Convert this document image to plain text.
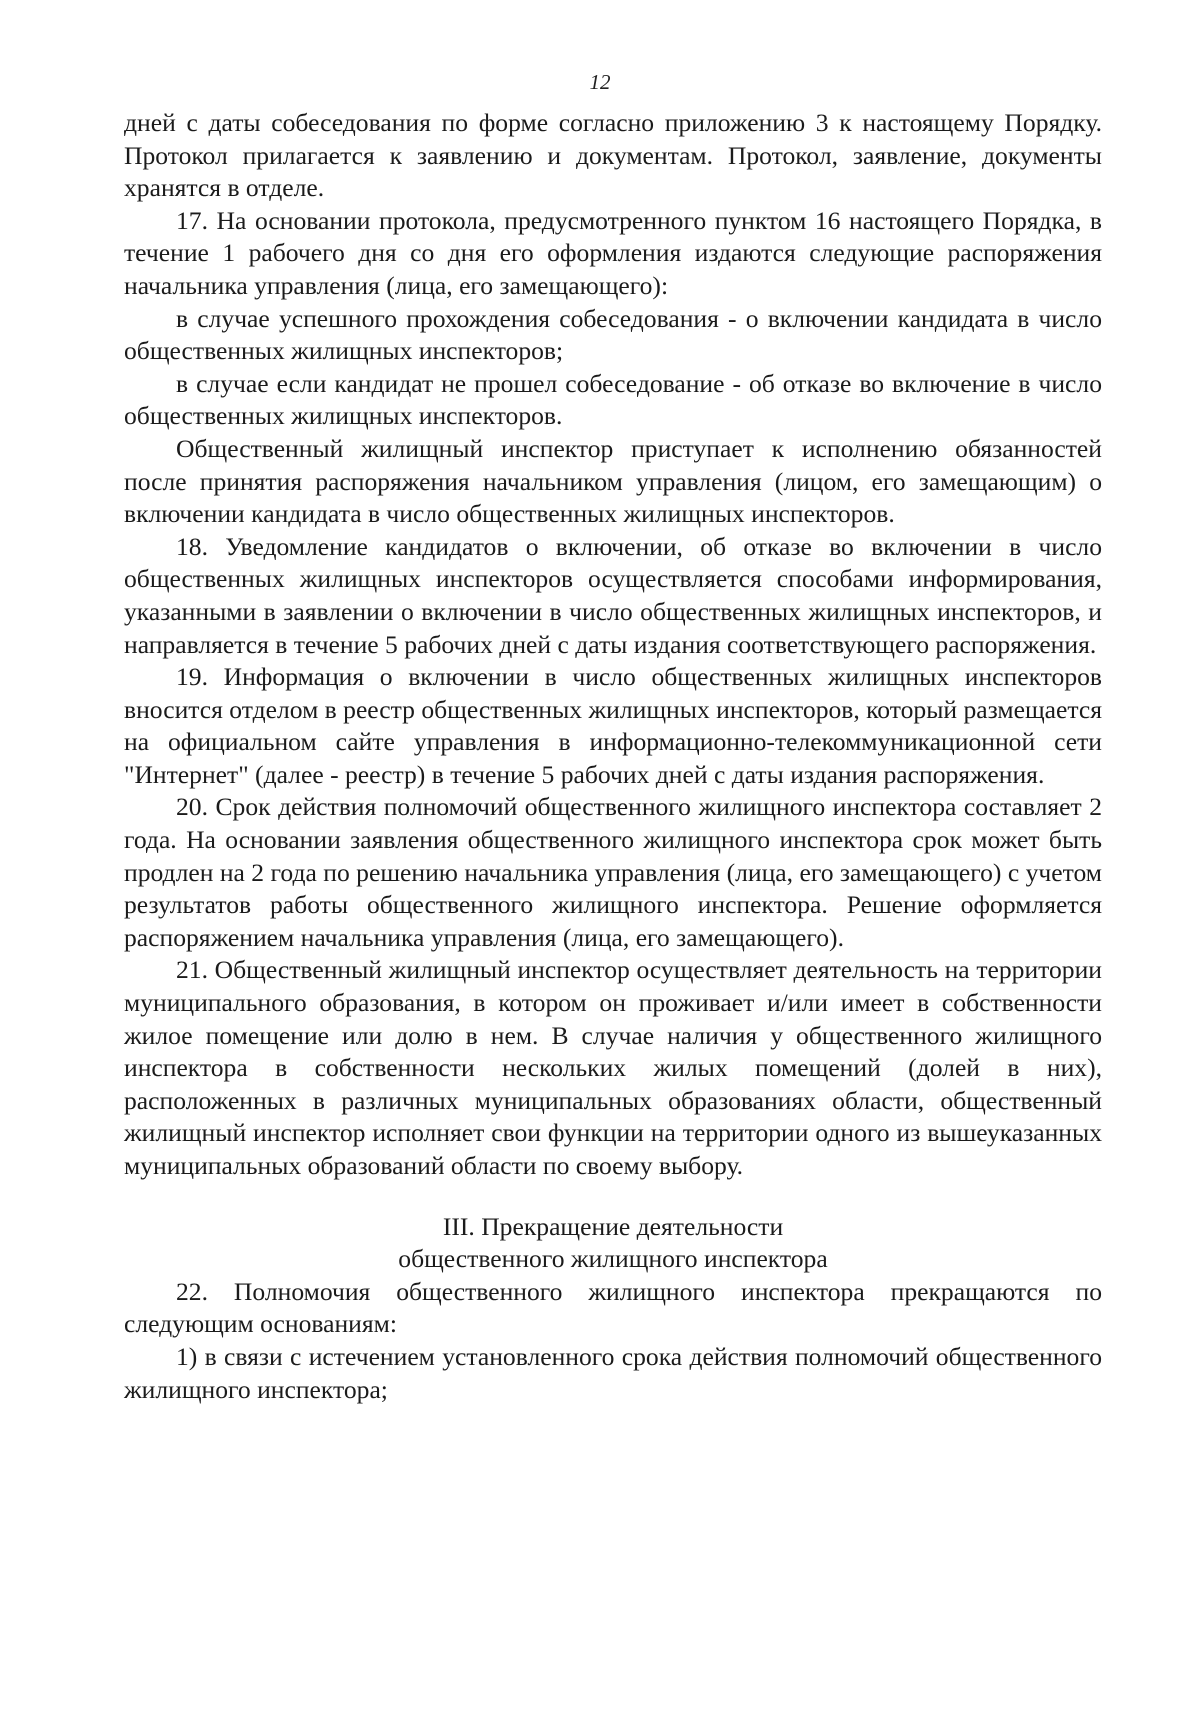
12

дней с даты собеседования по форме согласно приложению 3 к настоящему Порядку. Протокол прилагается к заявлению и документам. Протокол, заявление, документы хранятся в отделе.

17. На основании протокола, предусмотренного пунктом 16 настоящего Порядка, в течение 1 рабочего дня со дня его оформления издаются следующие распоряжения начальника управления (лица, его замещающего):

в случае успешного прохождения собеседования - о включении кандидата в число общественных жилищных инспекторов;

в случае если кандидат не прошел собеседование - об отказе во включение в число общественных жилищных инспекторов.

Общественный жилищный инспектор приступает к исполнению обязанностей после принятия распоряжения начальником управления (лицом, его замещающим) о включении кандидата в число общественных жилищных инспекторов.

18. Уведомление кандидатов о включении, об отказе во включении в число общественных жилищных инспекторов осуществляется способами информирования, указанными в заявлении о включении в число общественных жилищных инспекторов, и направляется в течение 5 рабочих дней с даты издания соответствующего распоряжения.

19. Информация о включении в число общественных жилищных инспекторов вносится отделом в реестр общественных жилищных инспекторов, который размещается на официальном сайте управления в информационно-телекоммуникационной сети "Интернет" (далее - реестр) в течение 5 рабочих дней с даты издания распоряжения.

20. Срок действия полномочий общественного жилищного инспектора составляет 2 года. На основании заявления общественного жилищного инспектора срок может быть продлен на 2 года по решению начальника управления (лица, его замещающего) с учетом результатов работы общественного жилищного инспектора. Решение оформляется распоряжением начальника управления (лица, его замещающего).

21. Общественный жилищный инспектор осуществляет деятельность на территории муниципального образования, в котором он проживает и/или имеет в собственности жилое помещение или долю в нем. В случае наличия у общественного жилищного инспектора в собственности нескольких жилых помещений (долей в них), расположенных в различных муниципальных образованиях области, общественный жилищный инспектор исполняет свои функции на территории одного из вышеуказанных муниципальных образований области по своему выбору.

III. Прекращение деятельности

общественного жилищного инспектора

22. Полномочия общественного жилищного инспектора прекращаются по следующим основаниям:

1) в связи с истечением установленного срока действия полномочий общественного жилищного инспектора;
